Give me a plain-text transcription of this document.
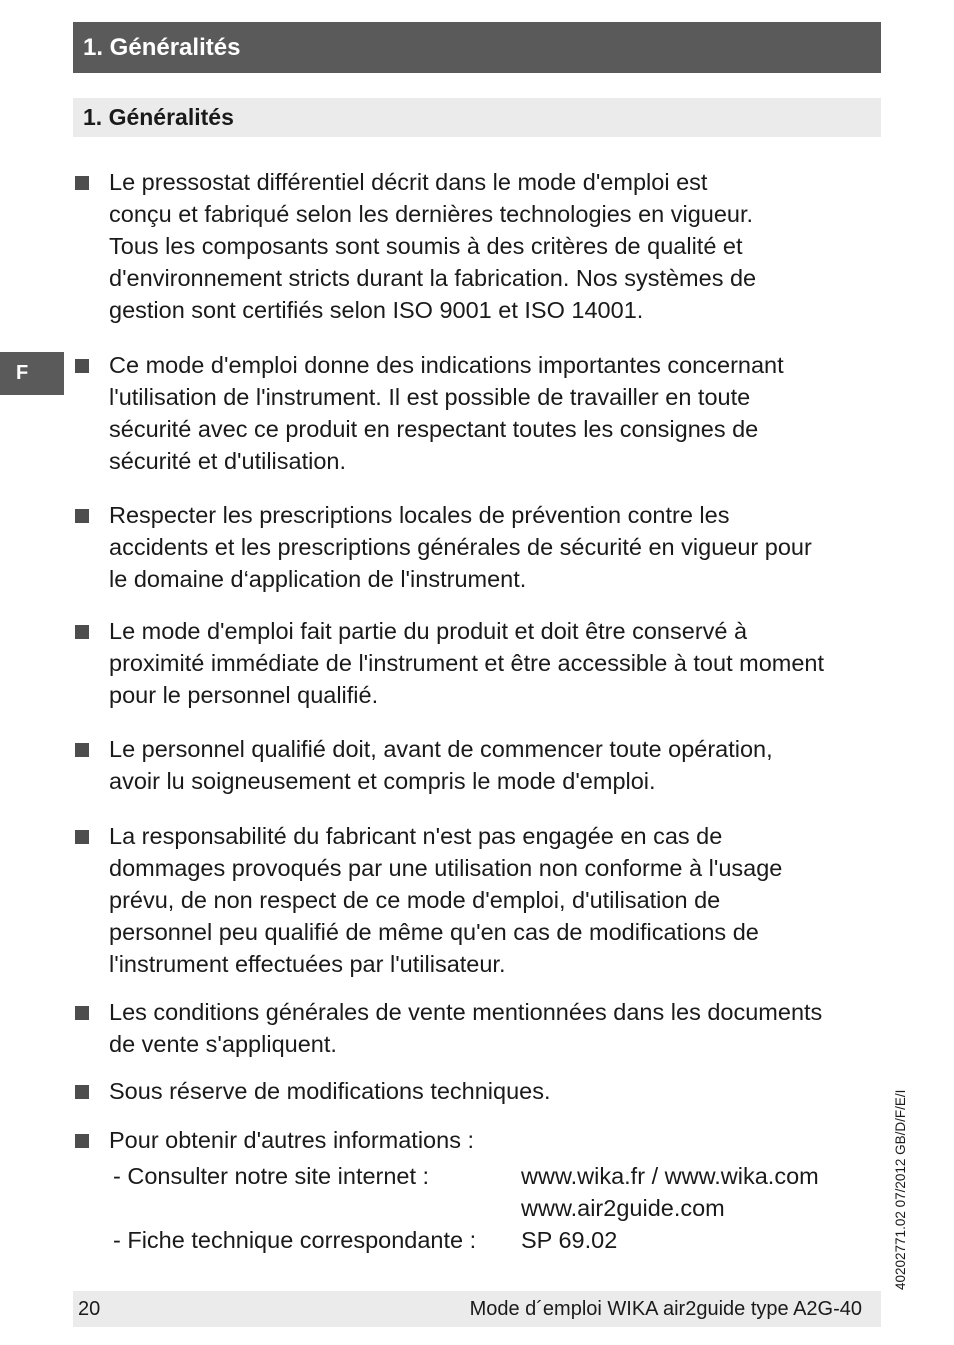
1. Généralités
1. Généralités
F
Le pressostat différentiel décrit dans le mode d'emploi est
conçu et fabriqué selon les dernières technologies en vigueur.
Tous les composants sont soumis à des critères de qualité et
d'environnement stricts durant la fabrication. Nos systèmes de
gestion sont certifiés selon ISO 9001 et ISO 14001.
Ce mode d'emploi donne des indications importantes concernant
l'utilisation de l'instrument. Il est possible de travailler en toute
sécurité avec ce produit en respectant toutes les consignes de
sécurité et d'utilisation.
Respecter les prescriptions locales de prévention contre les
accidents et les prescriptions générales de sécurité en vigueur pour
le domaine d‘application de l'instrument.
Le mode d'emploi fait partie du produit et doit être conservé à
proximité immédiate de l'instrument et être accessible à tout moment
pour le personnel qualifié.
Le personnel qualifié doit, avant de commencer toute opération,
avoir lu soigneusement et compris le mode d'emploi.
La responsabilité du fabricant n'est pas engagée en cas de
dommages provoqués par une utilisation non conforme à l'usage
prévu, de non respect de ce mode d'emploi, d'utilisation de
personnel peu qualifié de même qu'en cas de modifications de
l'instrument effectuées par l'utilisateur.
Les conditions générales de vente mentionnées dans les documents
de vente s'appliquent.
Sous réserve de modifications techniques.
Pour obtenir d'autres informations :
- Consulter notre site internet :	www.wika.fr / www.wika.com
www.air2guide.com
- Fiche technique correspondante : SP 69.02	40202771.02 07/2012 GB/D/F/E/I
20	Mode d´emploi WIKA air2guide type A2G-40
